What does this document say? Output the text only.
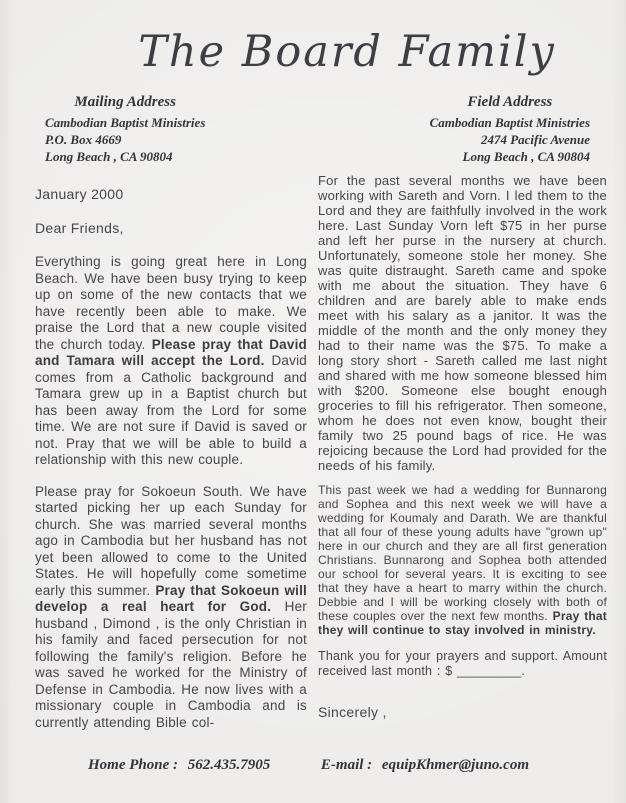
The Board Family
Mailing Address
Cambodian Baptist Ministries
P.O. Box 4669
Long Beach , CA 90804
Field Address
Cambodian Baptist Ministries
2474 Pacific Avenue
Long Beach , CA 90804

January 2000

Dear Friends,

Everything is going great here in Long Beach. We have been busy trying to keep up on some of the new contacts that we have recently been able to make. We praise the Lord that a new couple visited the church today. Please pray that David and Tamara will accept the Lord. David comes from a Catholic background and Tamara grew up in a Baptist church but has been away from the Lord for some time. We are not sure if David is saved or not. Pray that we will be able to build a relationship with this new couple.

Please pray for Sokoeun South. We have started picking her up each Sunday for church. She was married several months ago in Cambodia but her husband has not yet been allowed to come to the United States. He will hopefully come sometime early this summer. Pray that Sokoeun will develop a real heart for God. Her husband , Dimond , is the only Christian in his family and faced persecution for not following the family's religion. Before he was saved he worked for the Ministry of Defense in Cambodia. He now lives with a missionary couple in Cambodia and is currently attending Bible col-

For the past several months we have been working with Sareth and Vorn. I led them to the Lord and they are faithfully involved in the work here. Last Sunday Vorn left $75 in her purse and left her purse in the nursery at church. Unfortunately, someone stole her money. She was quite distraught. Sareth came and spoke with me about the situation. They have 6 children and are barely able to make ends meet with his salary as a janitor. It was the middle of the month and the only money they had to their name was the $75. To make a long story short - Sareth called me last night and shared with me how someone blessed him with $200. Someone else bought enough groceries to fill his refrigerator. Then someone, whom he does not even know, bought their family two 25 pound bags of rice. He was rejoicing because the Lord had provided for the needs of his family.

This past week we had a wedding for Bunnarong and Sophea and this next week we will have a wedding for Koumaly and Darath. We are thankful that all four of these young adults have "grown up" here in our church and they are all first generation Christians. Bunnarong and Sophea both attended our school for several years. It is exciting to see that they have a heart to marry within the church. Debbie and I will be working closely with both of these couples over the next few months. Pray that they will continue to stay involved in ministry.

Thank you for your prayers and support. Amount received last month : $ _________.

Sincerely ,

Home Phone : 562.435.7905	E-mail : equipKhmer@juno.com
